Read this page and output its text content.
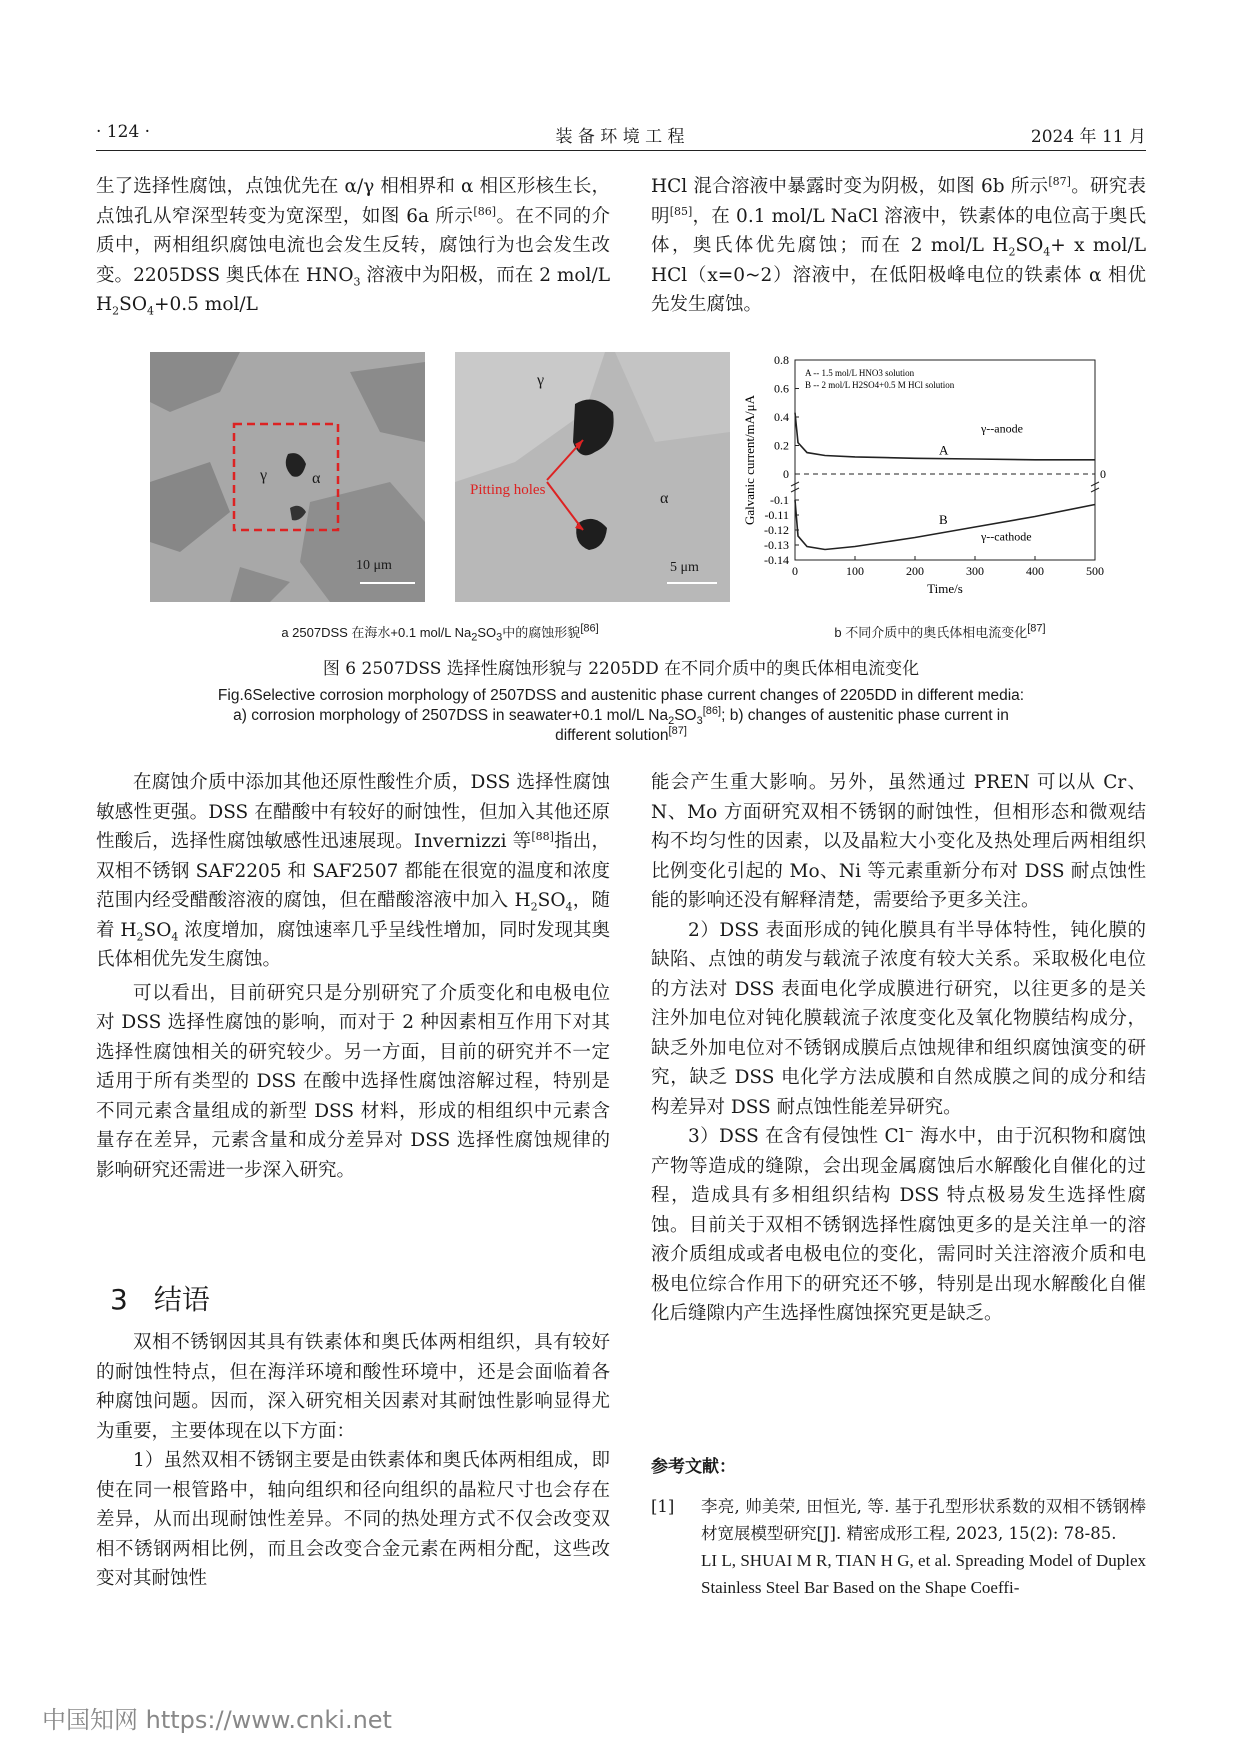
· 124 ·	装 备 环 境 工 程	2024 年 11 月

生了选择性腐蚀，点蚀优先在 α/γ 相相界和 α 相区形核生长，点蚀孔从窄深型转变为宽深型，如图 6a 所示[86]。在不同的介质中，两相组织腐蚀电流也会发生反转，腐蚀行为也会发生改变。2205DSS 奥氏体在 $HNO_3$ 溶液中为阳极，而在 2 mol/L $H_2SO_4+0.5$ mol/L

HCl 混合溶液中暴露时变为阴极，如图 6b 所示[87]。研究表明[85]，在 0.1 mol/L NaCl 溶液中，铁素体的电位高于奥氏体，奥氏体优先腐蚀；而在 2 mol/L $H_2SO_4+ x$ mol/L HCl（x=0~2）溶液中，在低阳极峰电位的铁素体 α 相优先发生腐蚀。

γ	α
10 μm
γ
α
Pitting holes
5 μm
0.8
0.6
0.4
0.2
0
-0.1
-0.11
-0.12
-0.13
-0.14
0	100	200	300	400	500
Time/s
Galvanic current/mA/μA	0
A
γ--anode
B
γ--cathode
A -- 1.5 mol/L HNO3 solution
B -- 2 mol/L H2SO4+0.5 M HCl solution
a 2507DSS 在海水+0.1 mol/L $Na_2SO_3$中的腐蚀形貌[86]	b 不同介质中的奥氏体相电流变化[87]
图 6 2507DSS 选择性腐蚀形貌与 2205DD 在不同介质中的奥氏体相电流变化
Fig.6Selective corrosion morphology of 2507DSS and austenitic phase current changes of 2205DD in different media:
a) corrosion morphology of 2507DSS in seawater+0.1 mol/L $Na_2SO_3[86]$; b) changes of austenitic phase current in
different solution[87]

在腐蚀介质中添加其他还原性酸性介质，DSS 选择性腐蚀敏感性更强。DSS 在醋酸中有较好的耐蚀性，但加入其他还原性酸后，选择性腐蚀敏感性迅速展现。Invernizzi 等[88]指出，双相不锈钢 SAF2205 和 SAF2507 都能在很宽的温度和浓度范围内经受醋酸溶液的腐蚀，但在醋酸溶液中加入 $H_2SO_4$，随着 $H_2SO_4$ 浓度增加，腐蚀速率几乎呈线性增加，同时发现其奥氏体相优先发生腐蚀。

可以看出，目前研究只是分别研究了介质变化和电极电位对 DSS 选择性腐蚀的影响，而对于 2 种因素相互作用下对其选择性腐蚀相关的研究较少。另一方面，目前的研究并不一定适用于所有类型的 DSS 在酸中选择性腐蚀溶解过程，特别是不同元素含量组成的新型 DSS 材料，形成的相组织中元素含量存在差异，元素含量和成分差异对 DSS 选择性腐蚀规律的影响研究还需进一步深入研究。

3 结语

双相不锈钢因其具有铁素体和奥氏体两相组织，具有较好的耐蚀性特点，但在海洋环境和酸性环境中，还是会面临着各种腐蚀问题。因而，深入研究相关因素对其耐蚀性影响显得尤为重要，主要体现在以下方面：

1）虽然双相不锈钢主要是由铁素体和奥氏体两相组成，即使在同一根管路中，轴向组织和径向组织的晶粒尺寸也会存在差异，从而出现耐蚀性差异。不同的热处理方式不仅会改变双相不锈钢两相比例，而且会改变合金元素在两相分配，这些改变对其耐蚀性

能会产生重大影响。另外，虽然通过 PREN 可以从 Cr、N、Mo 方面研究双相不锈钢的耐蚀性，但相形态和微观结构不均匀性的因素，以及晶粒大小变化及热处理后两相组织比例变化引起的 Mo、Ni 等元素重新分布对 DSS 耐点蚀性能的影响还没有解释清楚，需要给予更多关注。

2）DSS 表面形成的钝化膜具有半导体特性，钝化膜的缺陷、点蚀的萌发与载流子浓度有较大关系。采取极化电位的方法对 DSS 表面电化学成膜进行研究，以往更多的是关注外加电位对钝化膜载流子浓度变化及氧化物膜结构成分，缺乏外加电位对不锈钢成膜后点蚀规律和组织腐蚀演变的研究，缺乏 DSS 电化学方法成膜和自然成膜之间的成分和结构差异对 DSS 耐点蚀性能差异研究。

3）DSS 在含有侵蚀性 Cl− 海水中，由于沉积物和腐蚀产物等造成的缝隙，会出现金属腐蚀后水解酸化自催化的过程，造成具有多相组织结构 DSS 特点极易发生选择性腐蚀。目前关于双相不锈钢选择性腐蚀更多的是关注单一的溶液介质组成或者电极电位的变化，需同时关注溶液介质和电极电位综合作用下的研究还不够，特别是出现水解酸化自催化后缝隙内产生选择性腐蚀探究更是缺乏。

参考文献：
[1] 李亮, 帅美荣, 田恒光, 等. 基于孔型形状系数的双相不锈钢棒材宽展模型研究[J]. 精密成形工程, 2023, 15(2): 78-85.
LI L, SHUAI M R, TIAN H G, et al. Spreading Model of Duplex Stainless Steel Bar Based on the Shape Coeffi-
中国知网 https://www.cnki.net
